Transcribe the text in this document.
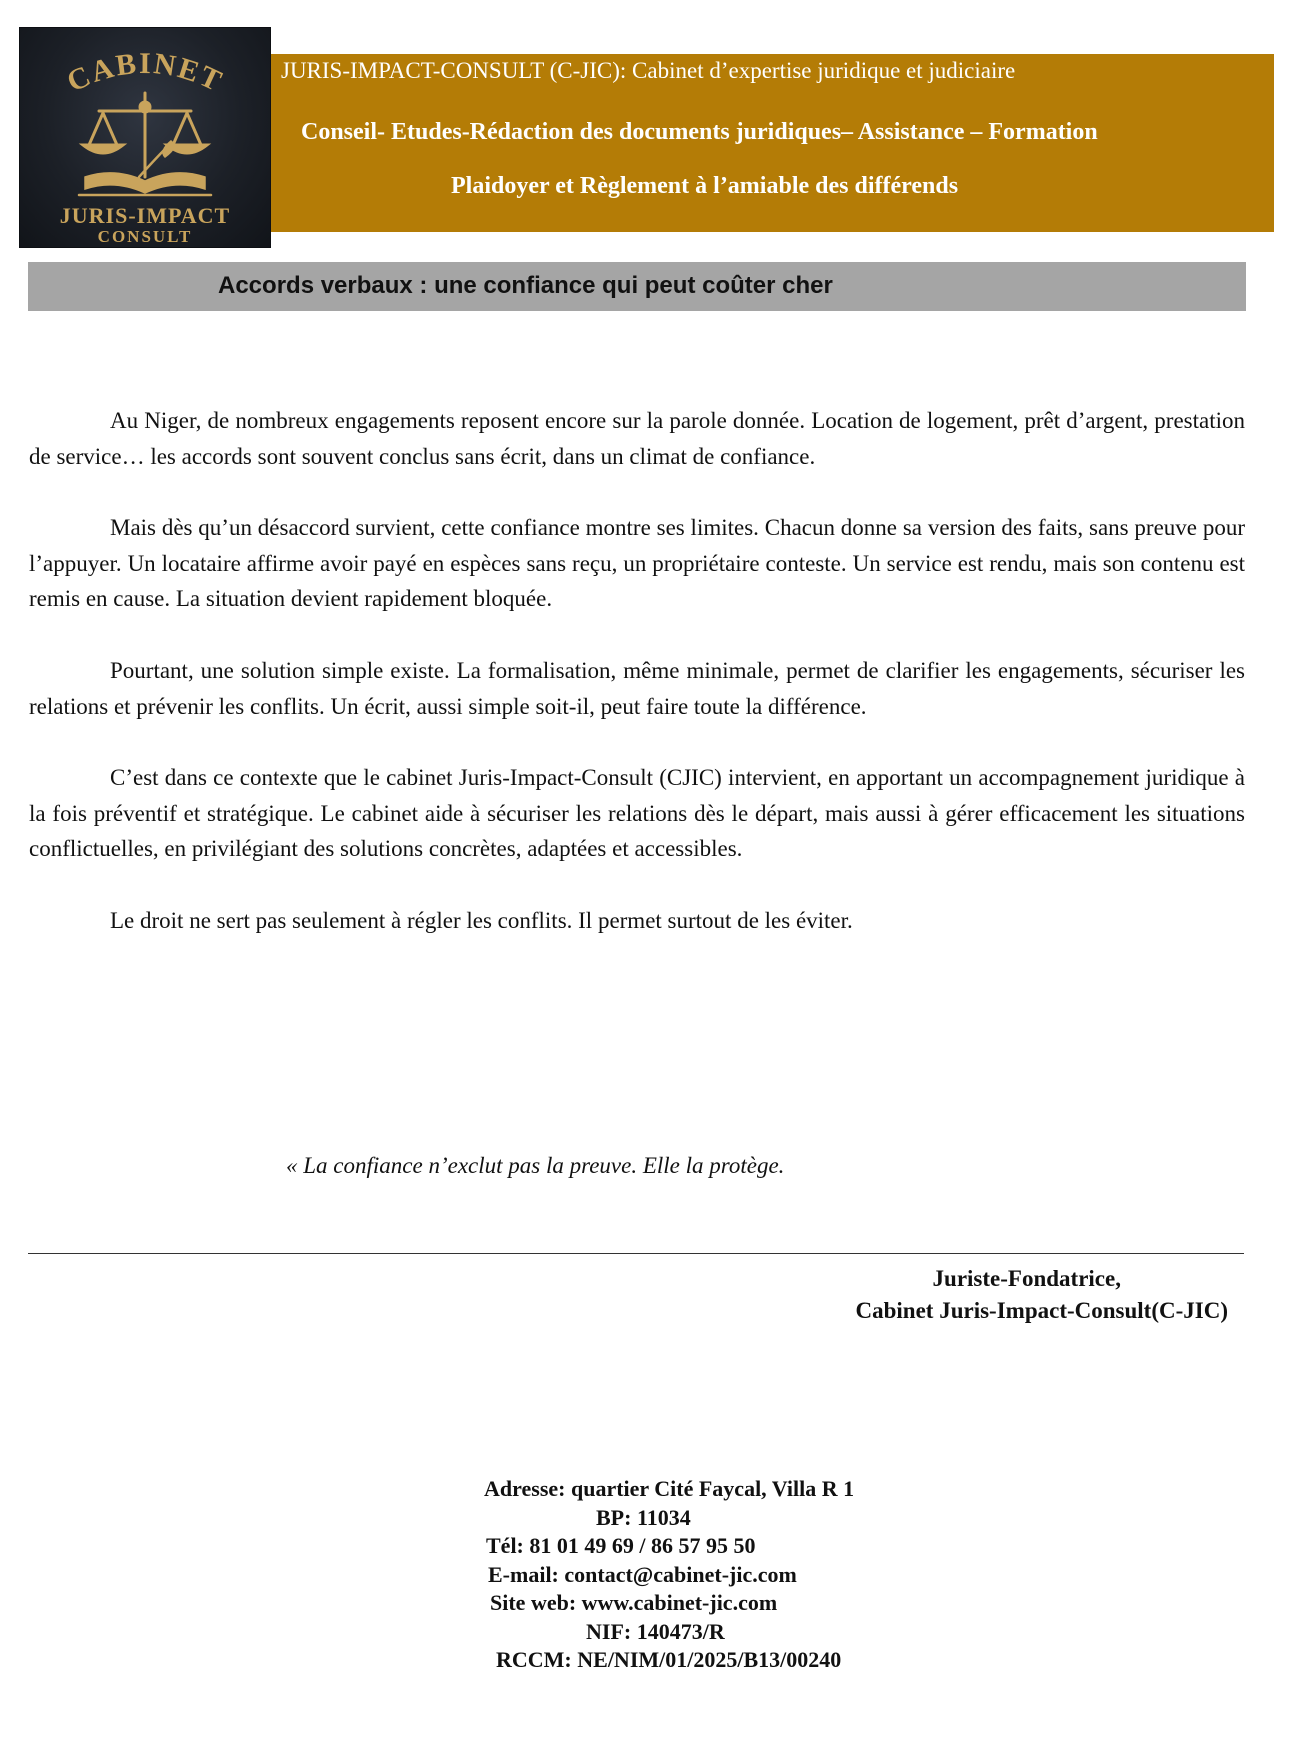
CABINET
JURIS-IMPACT
CONSULT
JURIS-IMPACT-CONSULT (C-JIC): Cabinet d’expertise juridique et judiciaire
Conseil- Etudes-Rédaction des documents juridiques– Assistance – Formation
Plaidoyer et Règlement à l’amiable des différends
Accords verbaux : une confiance qui peut coûter cher

Au Niger, de nombreux engagements reposent encore sur la parole donnée. Location de logement, prêt d’argent, prestation de service… les accords sont souvent conclus sans écrit, dans un climat de confiance.

Mais dès qu’un désaccord survient, cette confiance montre ses limites. Chacun donne sa version des faits, sans preuve pour l’appuyer. Un locataire affirme avoir payé en espèces sans reçu, un propriétaire conteste. Un service est rendu, mais son contenu est remis en cause. La situation devient rapidement bloquée.

Pourtant, une solution simple existe. La formalisation, même minimale, permet de clarifier les engagements, sécuriser les relations et prévenir les conflits. Un écrit, aussi simple soit-il, peut faire toute la différence.

C’est dans ce contexte que le cabinet Juris-Impact-Consult (CJIC) intervient, en apportant un accompagnement juridique à la fois préventif et stratégique. Le cabinet aide à sécuriser les relations dès le départ, mais aussi à gérer efficacement les situations conflictuelles, en privilégiant des solutions concrètes, adaptées et accessibles.

Le droit ne sert pas seulement à régler les conflits. Il permet surtout de les éviter.

« La confiance n’exclut pas la preuve. Elle la protège.
Juriste-Fondatrice,
Cabinet Juris-Impact-Consult(C-JIC)
Adresse: quartier Cité Faycal, Villa R 1
BP: 11034
Tél: 81 01 49 69 / 86 57 95 50
E-mail: contact@cabinet-jic.com
Site web: www.cabinet-jic.com
NIF: 140473/R
RCCM: NE/NIM/01/2025/B13/00240
